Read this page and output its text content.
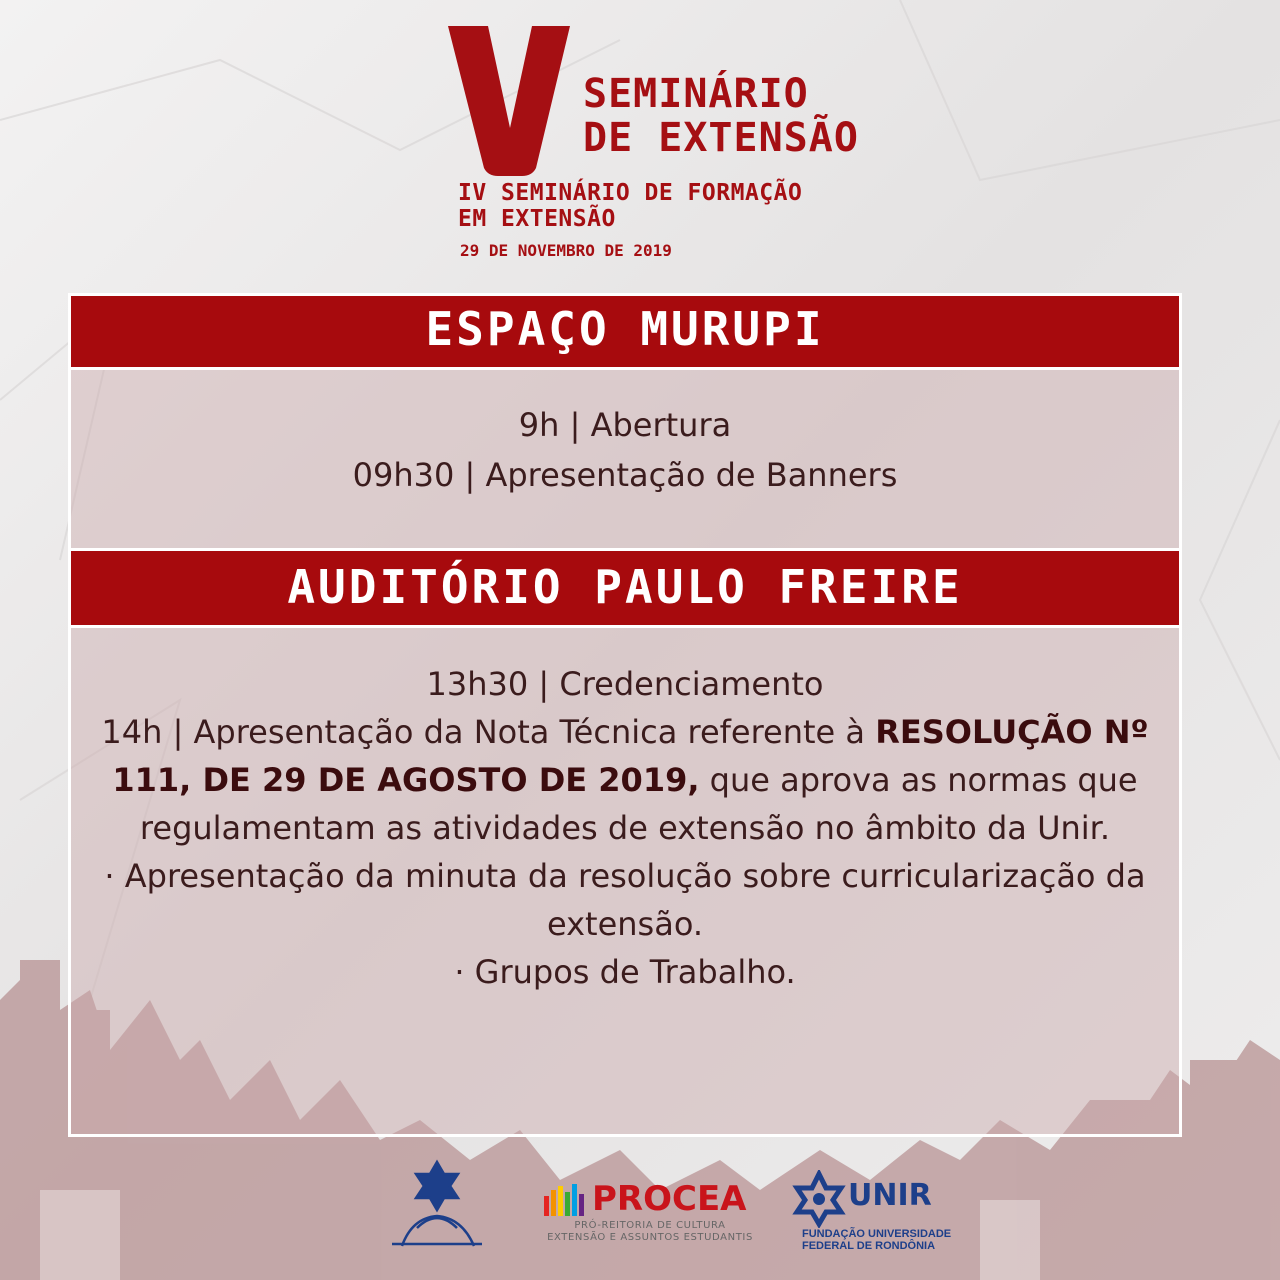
SEMINÁRIO
DE EXTENSÃO
IV SEMINÁRIO DE FORMAÇÃO
EM EXTENSÃO
29 DE NOVEMBRO DE 2019
ESPAÇO MURUPI
9h | Abertura
09h30 | Apresentação de Banners
AUDITÓRIO PAULO FREIRE
13h30 | Credenciamento
14h | Apresentação da Nota Técnica referente à RESOLUÇÃO Nº 111, DE 29 DE AGOSTO DE 2019, que aprova as normas que regulamentam as atividades de extensão no âmbito da Unir.
· Apresentação da minuta da resolução sobre curricularização da extensão.
· Grupos de Trabalho.
PROCEA
PRÓ-REITORIA DE CULTURA
EXTENSÃO E ASSUNTOS ESTUDANTIS
UNIR
FUNDAÇÃO UNIVERSIDADE
FEDERAL DE RONDÔNIA
